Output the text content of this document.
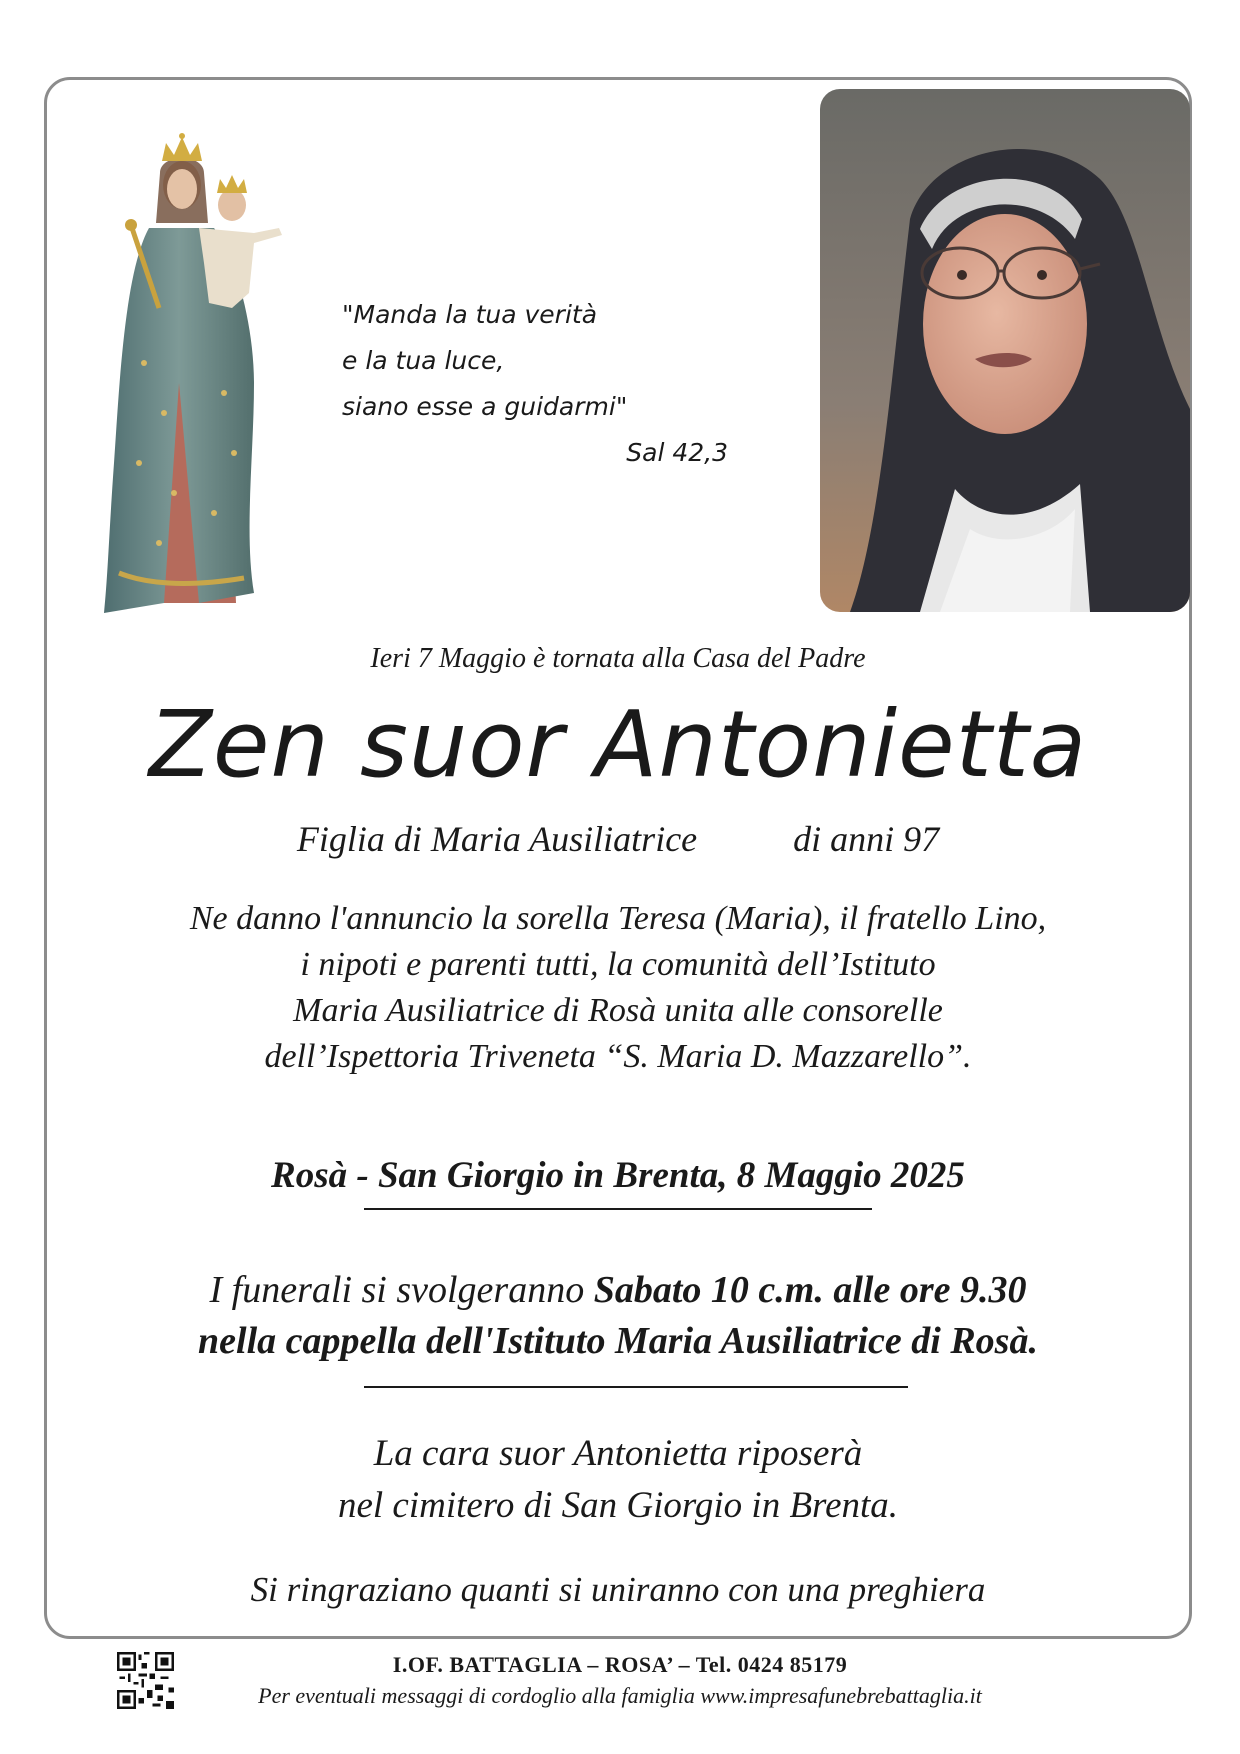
"Manda la tua verità
e la tua luce,
siano esse a guidarmi"
Sal 42,3
Ieri 7 Maggio è tornata alla Casa del Padre
Zen suor Antonietta
Figlia di Maria Ausiliatrice	di anni 97
Ne danno l'annuncio la sorella Teresa (Maria), il fratello Lino,
i nipoti e parenti tutti, la comunità dell’Istituto
Maria Ausiliatrice di Rosà unita alle consorelle
dell’Ispettoria Triveneta “S. Maria D. Mazzarello”.
Rosà - San Giorgio in Brenta, 8 Maggio 2025
I funerali si svolgeranno Sabato 10 c.m. alle ore 9.30
nella cappella dell'Istituto Maria Ausiliatrice di Rosà.
La cara suor Antonietta riposerà
nel cimitero di San Giorgio in Brenta.
Si ringraziano quanti si uniranno con una preghiera
I.OF. BATTAGLIA – ROSA’ – Tel. 0424 85179
Per eventuali messaggi di cordoglio alla famiglia www.impresafunebrebattaglia.it
